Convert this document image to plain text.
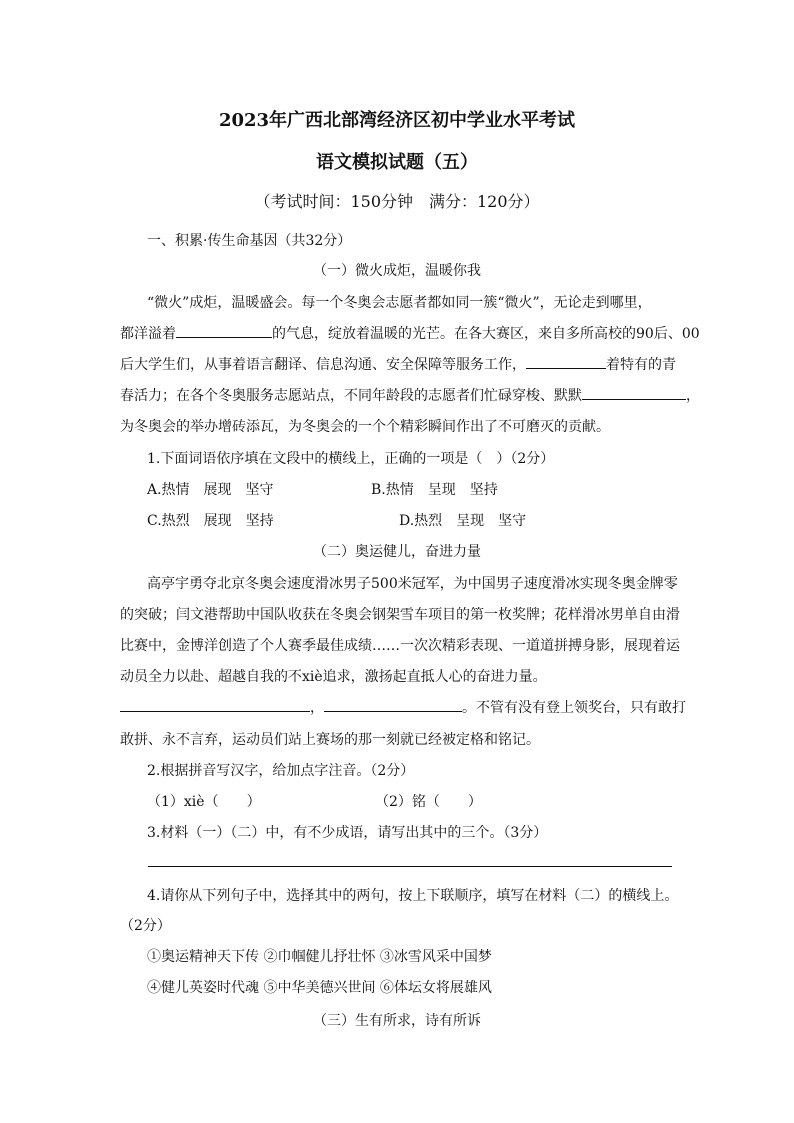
2023年广西北部湾经济区初中学业水平考试
语文模拟试题（五）
（考试时间：150分钟　满分：120分）
一、积累·传生命基因（共32分）
（一）微火成炬，温暖你我
“微火”成炬，温暖盛会。每一个冬奥会志愿者都如同一簇“微火”，无论走到哪里，
都洋溢着	的气息，绽放着温暖的光芒。在各大赛区，来自多所高校的90后、00
后大学生们，从事着语言翻译、信息沟通、安全保障等服务工作，	着特有的青
春活力；在各个冬奥服务志愿站点，不同年龄段的志愿者们忙碌穿梭、默默	，
为冬奥会的举办增砖添瓦，为冬奥会的一个个精彩瞬间作出了不可磨灭的贡献。
1.下面词语依序填在文段中的横线上，正确的一项是（　）（2分）
A.热情　展现　坚守	B.热情　呈现　坚持
C.热烈　展现　坚持	D.热烈　呈现　坚守
（二）奥运健儿，奋进力量
高亭宇勇夺北京冬奥会速度滑冰男子500米冠军，为中国男子速度滑冰实现冬奥金牌零
的突破；闫文港帮助中国队收获在冬奥会钢架雪车项目的第一枚奖牌；花样滑冰男单自由滑
比赛中，金博洋创造了个人赛季最佳成绩……一次次精彩表现、一道道拼搏身影，展现着运
动员全力以赴、超越自我的不xiè追求，激扬起直抵人心的奋进力量。
，	。不管有没有登上领奖台，只有敢打
敢拼、永不言弃，运动员们站上赛场的那一刻就已经被定格和铭记。
2.根据拼音写汉字，给加点字注音。（2分）
（1）xiè（　　）	（2）铭（　　）
3.材料（一）（二）中，有不少成语，请写出其中的三个。（3分）
4.请你从下列句子中，选择其中的两句，按上下联顺序，填写在材料（二）的横线上。
（2分）
①奥运精神天下传 ②巾帼健儿抒壮怀 ③冰雪风采中国梦
④健儿英姿时代魂 ⑤中华美德兴世间 ⑥体坛女将展雄风
（三）生有所求，诗有所诉
